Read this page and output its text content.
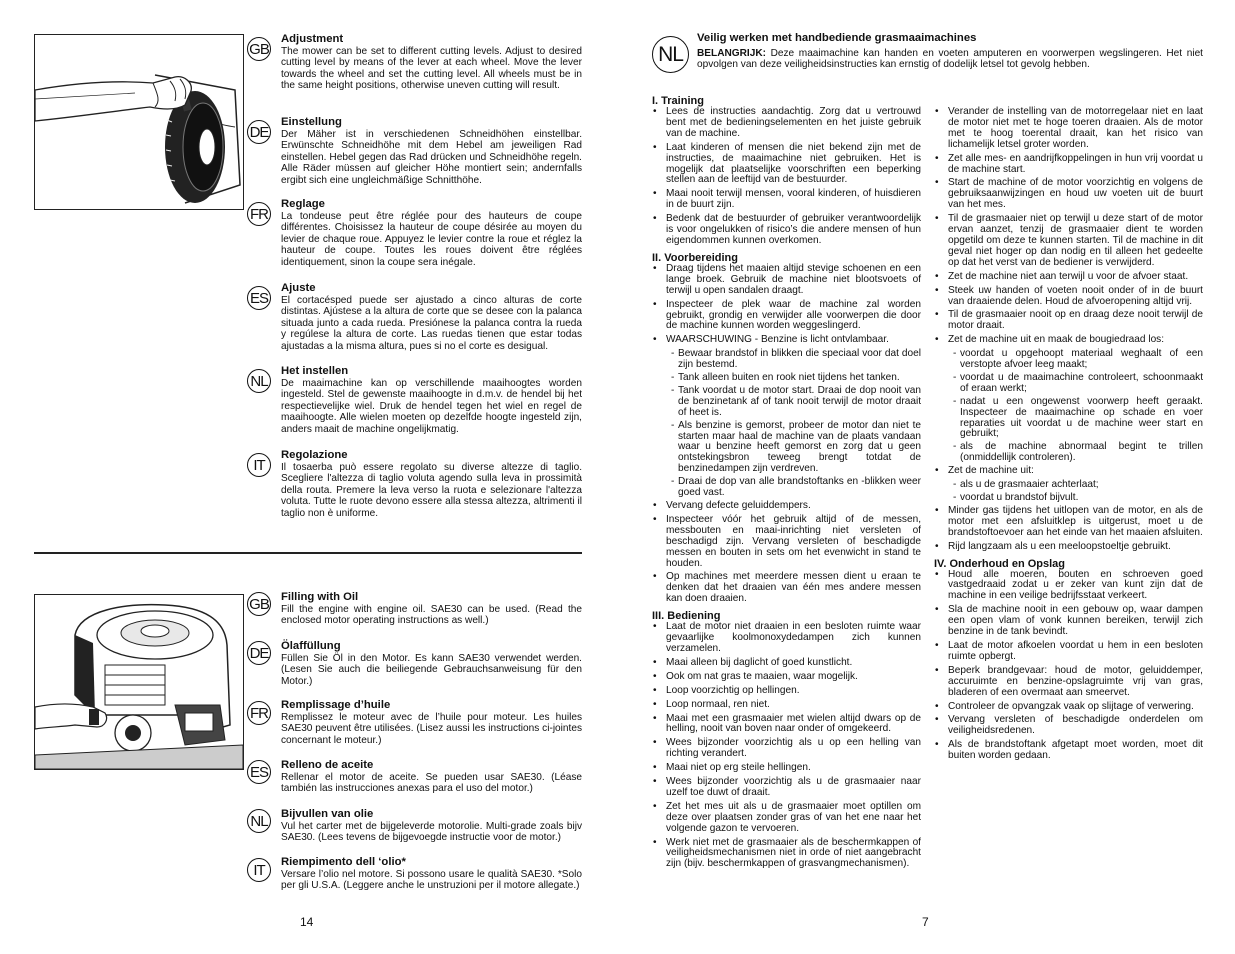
GB
Adjustment

The mower can be set to different cutting levels. Adjust to desired cutting level by means of the lever at each wheel. Move the lever towards the wheel and set the cutting level. All wheels must be in the same height positions, otherwise uneven cutting will result.

DE
Einstellung

Der Mäher ist in verschiedenen Schneidhöhen einstellbar. Erwünschte Schneidhöhe mit dem Hebel am jeweiligen Rad einstellen. Hebel gegen das Rad drücken und Schneidhöhe regeln. Alle Räder müssen auf gleicher Höhe montiert sein; andernfalls ergibt sich eine ungleichmäßige Schnitthöhe.

FR
Reglage

La tondeuse peut être réglée pour des hauteurs de coupe différentes. Choisissez la hauteur de coupe désirée au moyen du levier de chaque roue. Appuyez le levier contre la roue et réglez la hauteur de coupe. Toutes les roues doivent être réglées identiquement, sinon la coupe sera inégale.

ES
Ajuste

El cortacésped puede ser ajustado a cinco alturas de corte distintas. Ajústese a la altura de corte que se desee con la palanca situada junto a cada rueda. Presiónese la palanca contra la rueda y regúlese la altura de corte. Las ruedas tienen que estar todas ajustadas a la misma altura, pues si no el corte es desigual.

NL
Het instellen

De maaimachine kan op verschillende maaihoogtes worden ingesteld. Stel de gewenste maaihoogte in d.m.v. de hendel bij het respectievelijke wiel. Druk de hendel tegen het wiel en regel de maaihoogte. Alle wielen moeten op dezelfde hoogte ingesteld zijn, anders maait de machine ongelijkmatig.

IT
Regolazione

Il tosaerba può essere regolato su diverse altezze di taglio. Scegliere l'altezza di taglio voluta agendo sulla leva in prossimità della routa. Premere la leva verso la ruota e selezionare l'altezza voluta. Tutte le ruote devono essere alla stessa altezza, altrimenti il taglio non è uniforme.

GB Filling with Oil

Fill the engine with engine oil. SAE30 can be used. (Read the enclosed motor operating instructions as well.)

DE Ölaffüllung

Füllen Sie Öl in den Motor. Es kann SAE30 verwendet werden. (Lesen Sie auch die beiliegende Gebrauchsanweisung für den Motor.)

FR Remplissage d’huile

Remplissez le moteur avec de l’huile pour moteur. Les huiles SAE30 peuvent être utilisées. (Lisez aussi les instructions ci-jointes concernant le moteur.)

ES Relleno de aceite

Rellenar el motor de aceite. Se pueden usar SAE30. (Léase también las instrucciones anexas para el uso del motor.)

NL	Bijvullen van olie

Vul het carter met de bijgeleverde motorolie. Multi-grade zoals bijv SAE30. (Lees tevens de bijgevoegde instructie voor de motor.)

IT	Riempimento dell ‘olio*

Versare l’olio nel motore. Si possono usare le qualità SAE30. *Solo per gli U.S.A. (Leggere anche le unstruzioni per il motore allegate.)

14
NL
Veilig werken met handbediende grasmaaimachines

BELANGRIJK: Deze maaimachine kan handen en voeten amputeren en voorwerpen wegslingeren. Het niet opvolgen van deze veiligheidsinstructies kan ernstig of dodelijk letsel tot gevolg hebben.

I. Training
• Lees de instructies aandachtig. Zorg dat u vertrouwd bent met de bedieningselementen en het juiste gebruik van de machine.
• Laat kinderen of mensen die niet bekend zijn met de instructies, de maaimachine niet gebruiken. Het is mogelijk dat plaatselijke voorschriften een beperking stellen aan de leeftijd van de bestuurder.
• Maai nooit terwijl mensen, vooral kinderen, of huisdieren in de buurt zijn.
• Bedenk dat de bestuurder of gebruiker verantwoordelijk is voor ongelukken of risico’s die andere mensen of hun eigendommen kunnen overkomen.
II. Voorbereiding
• Draag tijdens het maaien altijd stevige schoenen en een lange broek. Gebruik de machine niet blootsvoets of terwijl u open sandalen draagt.
• Inspecteer de plek waar de machine zal worden gebruikt, grondig en verwijder alle voorwerpen die door de machine kunnen worden weggeslingerd.
• WAARSCHUWING - Benzine is licht ontvlambaar.
- Bewaar brandstof in blikken die speciaal voor dat doel zijn bestemd.
- Tank alleen buiten en rook niet tijdens het tanken.
- Tank voordat u de motor start. Draai de dop nooit van de benzinetank af of tank nooit terwijl de motor draait of heet is.
- Als benzine is gemorst, probeer de motor dan niet te starten maar haal de machine van de plaats vandaan waar u benzine heeft gemorst en zorg dat u geen ontstekingsbron teweeg brengt totdat de benzinedampen zijn verdreven.
- Draai de dop van alle brandstoftanks en -blikken weer goed vast.
• Vervang defecte geluiddempers.
• Inspecteer vóór het gebruik altijd of de messen, messbouten en maai-inrichting niet versleten of beschadigd zijn. Vervang versleten of beschadigde messen en bouten in sets om het evenwicht in stand te houden.
• Op machines met meerdere messen dient u eraan te denken dat het draaien van één mes andere messen kan doen draaien.
III. Bediening
• Laat de motor niet draaien in een besloten ruimte waar gevaarlijke koolmonoxydedampen zich kunnen verzamelen.
• Maai alleen bij daglicht of goed kunstlicht.
• Ook om nat gras te maaien, waar mogelijk.
• Loop voorzichtig op hellingen.
• Loop normaal, ren niet.
• Maai met een grasmaaier met wielen altijd dwars op de helling, nooit van boven naar onder of omgekeerd.
• Wees bijzonder voorzichtig als u op een helling van richting verandert.
• Maai niet op erg steile hellingen.
• Wees bijzonder voorzichtig als u de grasmaaier naar uzelf toe duwt of draait.
• Zet het mes uit als u de grasmaaier moet optillen om deze over plaatsen zonder gras of van het ene naar het volgende gazon te vervoeren.
• Werk niet met de grasmaaier als de beschermkappen of veiligheidsmechanismen niet in orde of niet aangebracht zijn (bijv. beschermkappen of grasvangmechanismen).
• Verander de instelling van de motorregelaar niet en laat de motor niet met te hoge toeren draaien. Als de motor met te hoog toerental draait, kan het risico van lichamelijk letsel groter worden.
• Zet alle mes- en aandrijfkoppelingen in hun vrij voordat u de machine start.
• Start de machine of de motor voorzichtig en volgens de gebruiksaanwijzingen en houd uw voeten uit de buurt van het mes.
• Til de grasmaaier niet op terwijl u deze start of de motor ervan aanzet, tenzij de grasmaaier dient te worden opgetild om deze te kunnen starten. Til de machine in dit geval niet hoger op dan nodig en til alleen het gedeelte op dat het verst van de bediener is verwijderd.
• Zet de machine niet aan terwijl u voor de afvoer staat.
• Steek uw handen of voeten nooit onder of in de buurt van draaiende delen. Houd de afvoeropening altijd vrij.
• Til de grasmaaier nooit op en draag deze nooit terwijl de motor draait.
• Zet de machine uit en maak de bougiedraad los:
- voordat u opgehoopt materiaal weghaalt of een verstopte afvoer leeg maakt;
- voordat u de maaimachine controleert, schoonmaakt of eraan werkt;
- nadat u een ongewenst voorwerp heeft geraakt. Inspecteer de maaimachine op schade en voer reparaties uit voordat u de machine weer start en gebruikt;
- als de machine abnormaal begint te trillen (onmiddellijk controleren).
• Zet de machine uit:
- als u de grasmaaier achterlaat;
- voordat u brandstof bijvult.
• Minder gas tijdens het uitlopen van de motor, en als de motor met een afsluitklep is uitgerust, moet u de brandstoftoevoer aan het einde van het maaien afsluiten.
• Rijd langzaam als u een meeloopstoeltje gebruikt.
IV. Onderhoud en Opslag
• Houd alle moeren, bouten en schroeven goed vastgedraaid zodat u er zeker van kunt zijn dat de machine in een veilige bedrijfsstaat verkeert.
• Sla de machine nooit in een gebouw op, waar dampen een open vlam of vonk kunnen bereiken, terwijl zich benzine in de tank bevindt.
• Laat de motor afkoelen voordat u hem in een besloten ruimte opbergt.
• Beperk brandgevaar: houd de motor, geluiddemper, accuruimte en benzine-opslagruimte vrij van gras, bladeren of een overmaat aan smeervet.
• Controleer de opvangzak vaak op slijtage of verwering.
• Vervang versleten of beschadigde onderdelen om veiligheidsredenen.
• Als de brandstoftank afgetapt moet worden, moet dit buiten worden gedaan.
7
